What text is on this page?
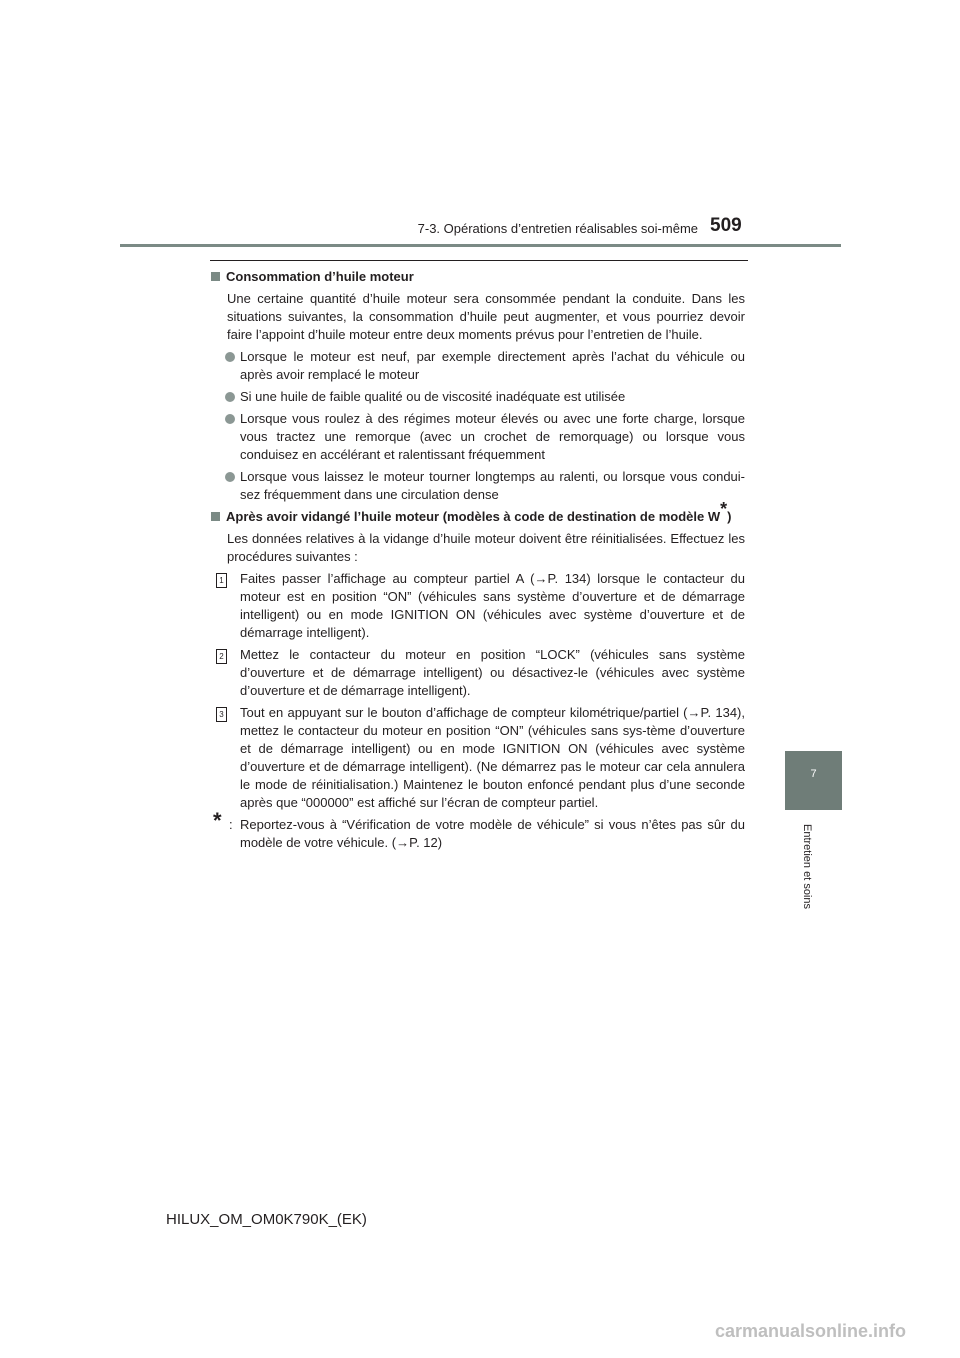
7-3. Opérations d’entretien réalisables soi-même 509
7
Entretien et soins
Consommation d’huile moteur
Une certaine quantité d’huile moteur sera consommée pendant la conduite. Dans les situations suivantes, la consommation d’huile peut augmenter, et vous pourriez devoir faire l’appoint d’huile moteur entre deux moments prévus pour l’entretien de l’huile.
Lorsque le moteur est neuf, par exemple directement après l’achat du véhicule ou après avoir remplacé le moteur
Si une huile de faible qualité ou de viscosité inadéquate est utilisée
Lorsque vous roulez à des régimes moteur élevés ou avec une forte charge, lorsque vous tractez une remorque (avec un crochet de remorquage) ou lorsque vous conduisez en accélérant et ralentissant fréquemment
Lorsque vous laissez le moteur tourner longtemps au ralenti, ou lorsque vous condui-sez fréquemment dans une circulation dense
Après avoir vidangé l’huile moteur (modèles à code de destination de modèle W*)
Les données relatives à la vidange d’huile moteur doivent être réinitialisées. Effectuez les procédures suivantes :
1 Faites passer l’affichage au compteur partiel A (→P. 134) lorsque le contacteur du moteur est en position “ON” (véhicules sans système d’ouverture et de démarrage intelligent) ou en mode IGNITION ON (véhicules avec système d’ouverture et de démarrage intelligent).
2 Mettez le contacteur du moteur en position “LOCK” (véhicules sans système d’ouverture et de démarrage intelligent) ou désactivez-le (véhicules avec système d’ouverture et de démarrage intelligent).
3 Tout en appuyant sur le bouton d’affichage de compteur kilométrique/partiel (→P. 134), mettez le contacteur du moteur en position “ON” (véhicules sans sys-tème d’ouverture et de démarrage intelligent) ou en mode IGNITION ON (véhicules avec système d’ouverture et de démarrage intelligent). (Ne démarrez pas le moteur car cela annulera le mode de réinitialisation.) Maintenez le bouton enfoncé pendant plus d’une seconde après que “000000” est affiché sur l’écran de compteur partiel.
* : Reportez-vous à “Vérification de votre modèle de véhicule” si vous n’êtes pas sûr du modèle de votre véhicule. (→P. 12)
HILUX_OM_OM0K790K_(EK)
carmanualsonline.info
